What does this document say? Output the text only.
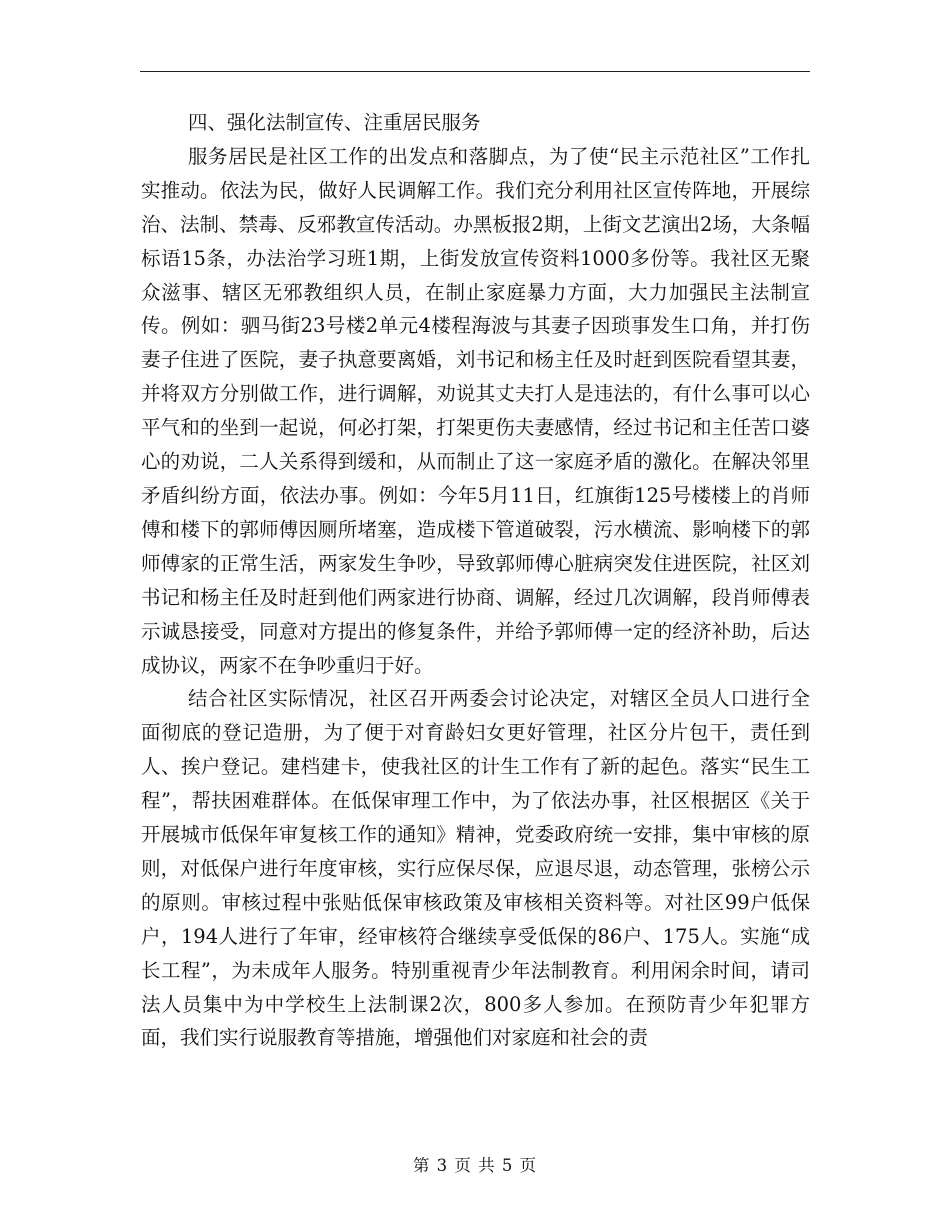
四、强化法制宣传、注重居民服务

服务居民是社区工作的出发点和落脚点，为了使“民主示范社区”工作扎实推动。依法为民，做好人民调解工作。我们充分利用社区宣传阵地，开展综治、法制、禁毒、反邪教宣传活动。办黑板报2期，上街文艺演出2场，大条幅标语15条，办法治学习班1期，上街发放宣传资料1000多份等。我社区无聚众滋事、辖区无邪教组织人员，在制止家庭暴力方面，大力加强民主法制宣传。例如：驷马街23号楼2单元4楼程海波与其妻子因琐事发生口角，并打伤妻子住进了医院，妻子执意要离婚，刘书记和杨主任及时赶到医院看望其妻，并将双方分别做工作，进行调解，劝说其丈夫打人是违法的，有什么事可以心平气和的坐到一起说，何必打架，打架更伤夫妻感情，经过书记和主任苦口婆心的劝说，二人关系得到缓和，从而制止了这一家庭矛盾的激化。在解决邻里矛盾纠纷方面，依法办事。例如：今年5月11日，红旗街125号楼楼上的肖师傅和楼下的郭师傅因厕所堵塞，造成楼下管道破裂，污水横流、影响楼下的郭师傅家的正常生活，两家发生争吵，导致郭师傅心脏病突发住进医院，社区刘书记和杨主任及时赶到他们两家进行协商、调解，经过几次调解，段肖师傅表示诚恳接受，同意对方提出的修复条件，并给予郭师傅一定的经济补助，后达成协议，两家不在争吵重归于好。

结合社区实际情况，社区召开两委会讨论决定，对辖区全员人口进行全面彻底的登记造册，为了便于对育龄妇女更好管理，社区分片包干，责任到人、挨户登记。建档建卡，使我社区的计生工作有了新的起色。落实“民生工程”，帮扶困难群体。在低保审理工作中，为了依法办事，社区根据区《关于开展城市低保年审复核工作的通知》精神，党委政府统一安排，集中审核的原则，对低保户进行年度审核，实行应保尽保，应退尽退，动态管理，张榜公示的原则。审核过程中张贴低保审核政策及审核相关资料等。对社区99户低保户，194人进行了年审，经审核符合继续享受低保的86户、175人。实施“成长工程”，为未成年人服务。特别重视青少年法制教育。利用闲余时间，请司法人员集中为中学校生上法制课2次，800多人参加。在预防青少年犯罪方面，我们实行说服教育等措施，增强他们对家庭和社会的责

第 3 页 共 5 页
